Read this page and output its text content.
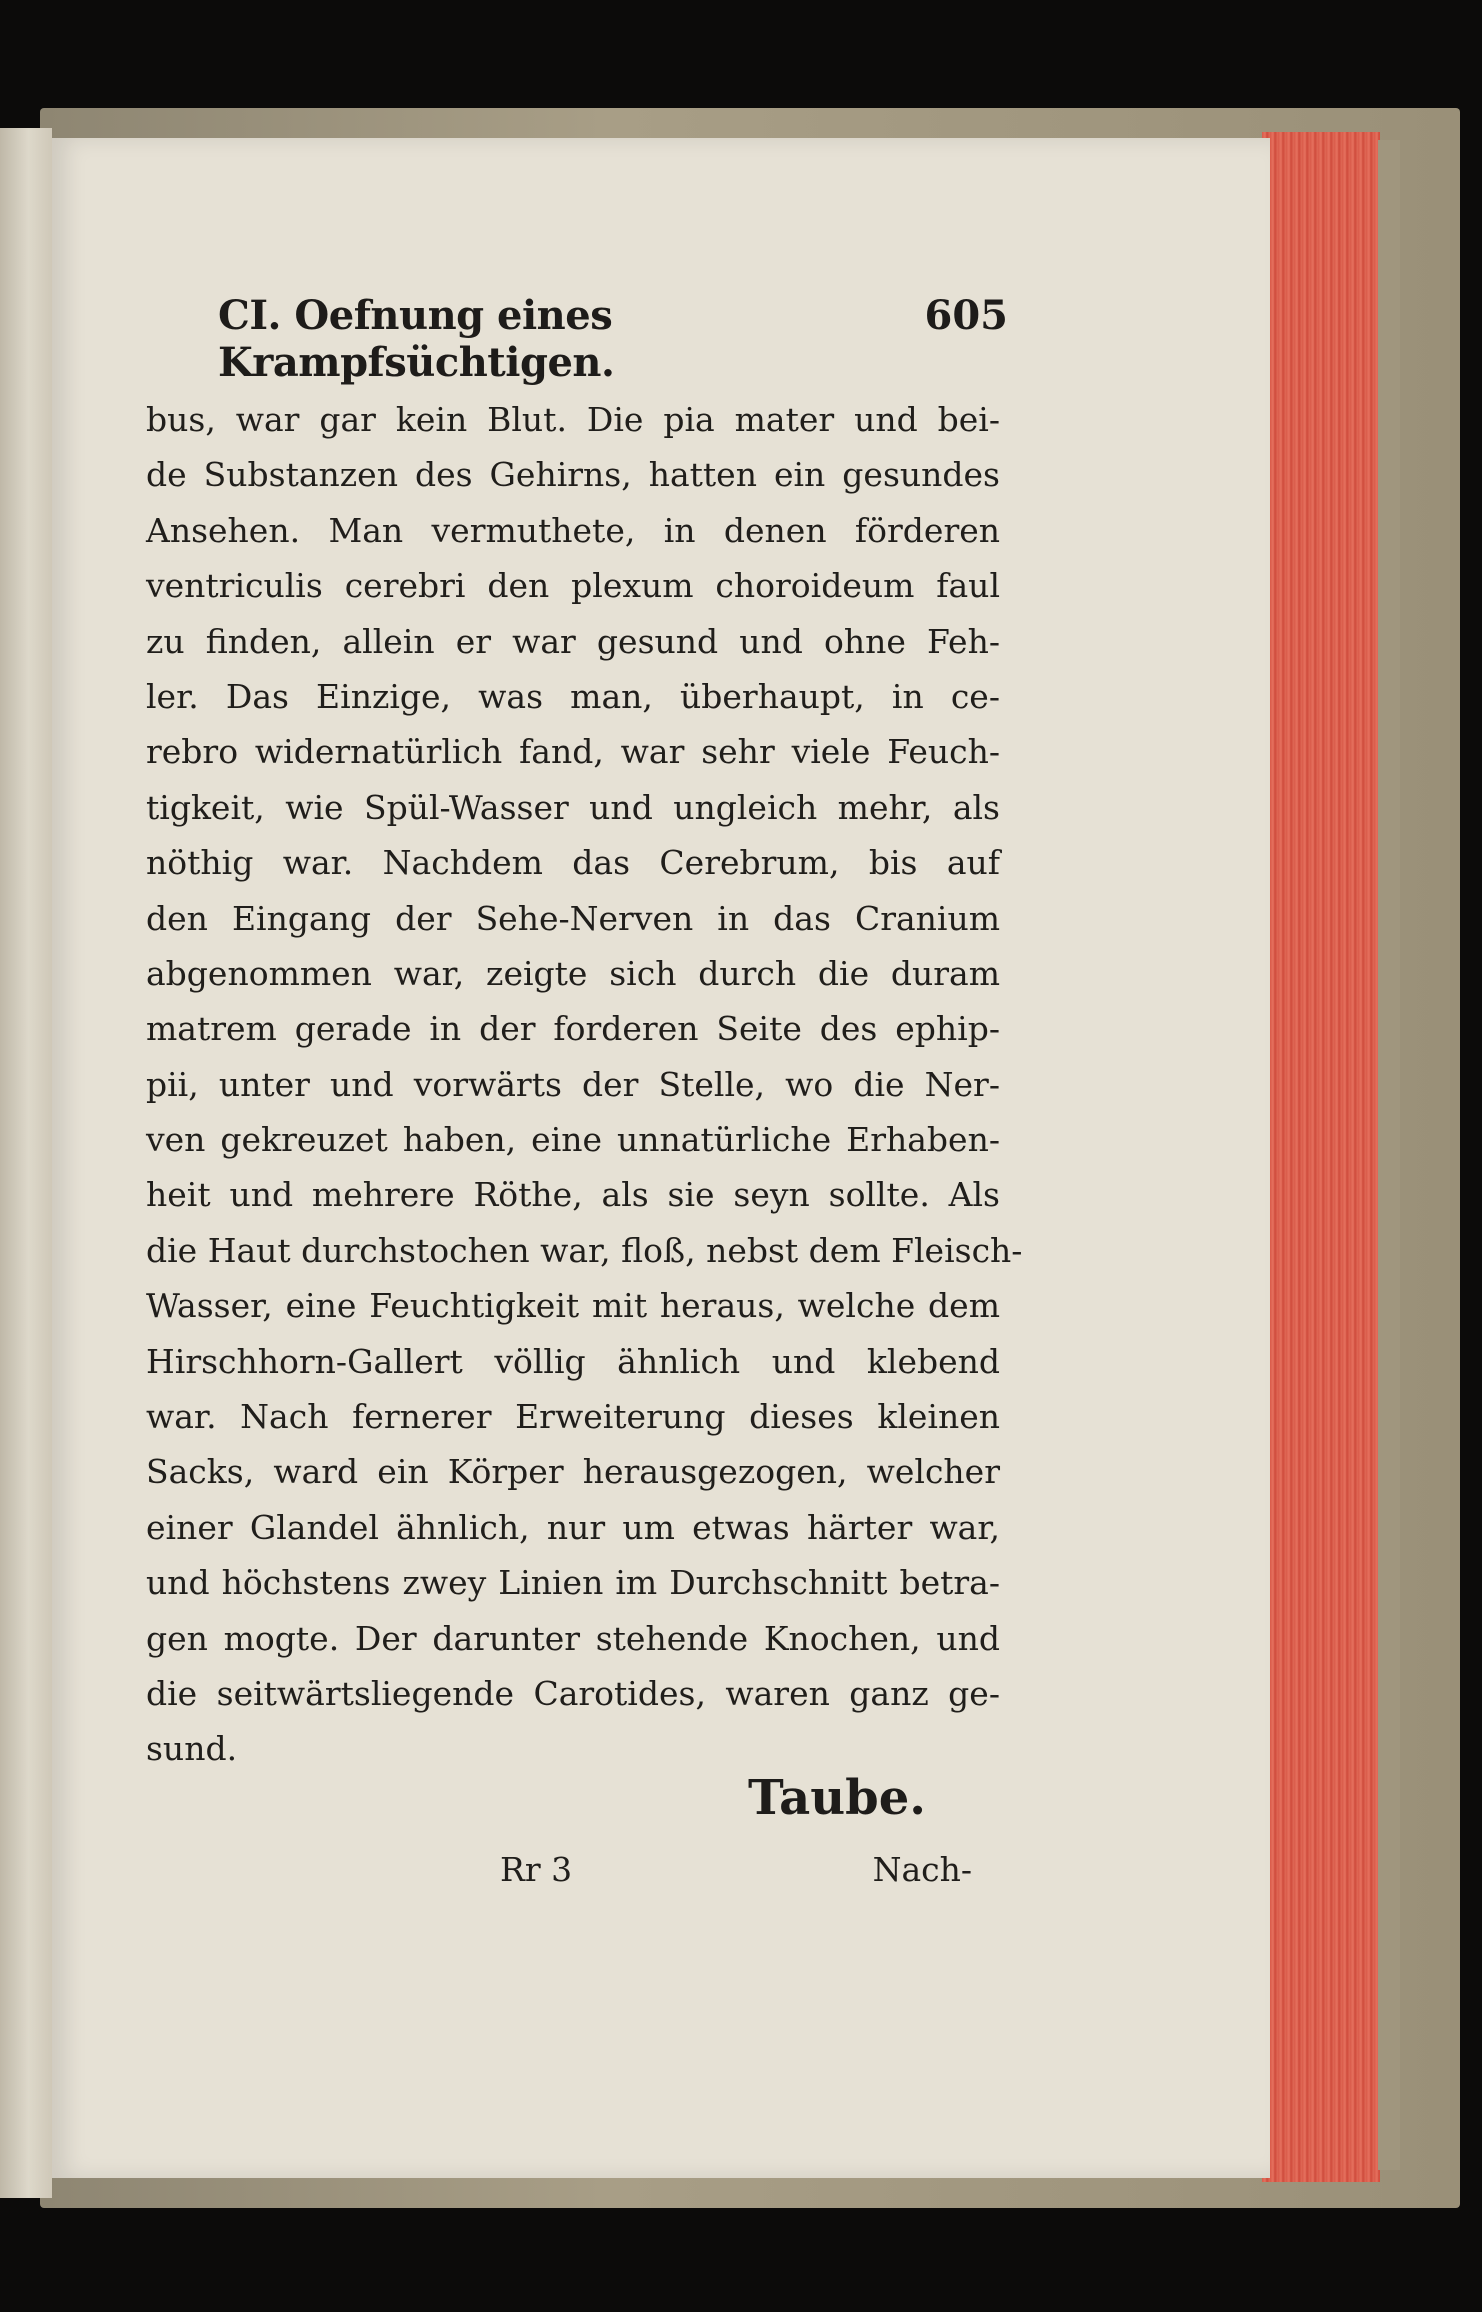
CI. Oefnung eines Krampfsüchtigen.
605
bus, war gar kein Blut. Die pia mater und bei-
de Substanzen des Gehirns, hatten ein gesundes
Ansehen. Man vermuthete, in denen förderen
ventriculis cerebri den plexum choroideum faul
zu finden, allein er war gesund und ohne Feh-
ler. Das Einzige, was man, überhaupt, in ce-
rebro widernatürlich fand, war sehr viele Feuch-
tigkeit, wie Spül-Wasser und ungleich mehr, als
nöthig war. Nachdem das Cerebrum, bis auf
den Eingang der Sehe-Nerven in das Cranium
abgenommen war, zeigte sich durch die duram
matrem gerade in der forderen Seite des ephip-
pii, unter und vorwärts der Stelle, wo die Ner-
ven gekreuzet haben, eine unnatürliche Erhaben-
heit und mehrere Röthe, als sie seyn sollte. Als
die Haut durchstochen war, floß, nebst dem Fleisch-
Wasser, eine Feuchtigkeit mit heraus, welche dem
Hirschhorn-Gallert völlig ähnlich und klebend
war. Nach fernerer Erweiterung dieses kleinen
Sacks, ward ein Körper herausgezogen, welcher
einer Glandel ähnlich, nur um etwas härter war,
und höchstens zwey Linien im Durchschnitt betra-
gen mogte. Der darunter stehende Knochen, und
die seitwärtsliegende Carotides, waren ganz ge-
sund.
Taube.
Rr 3	Nach-
